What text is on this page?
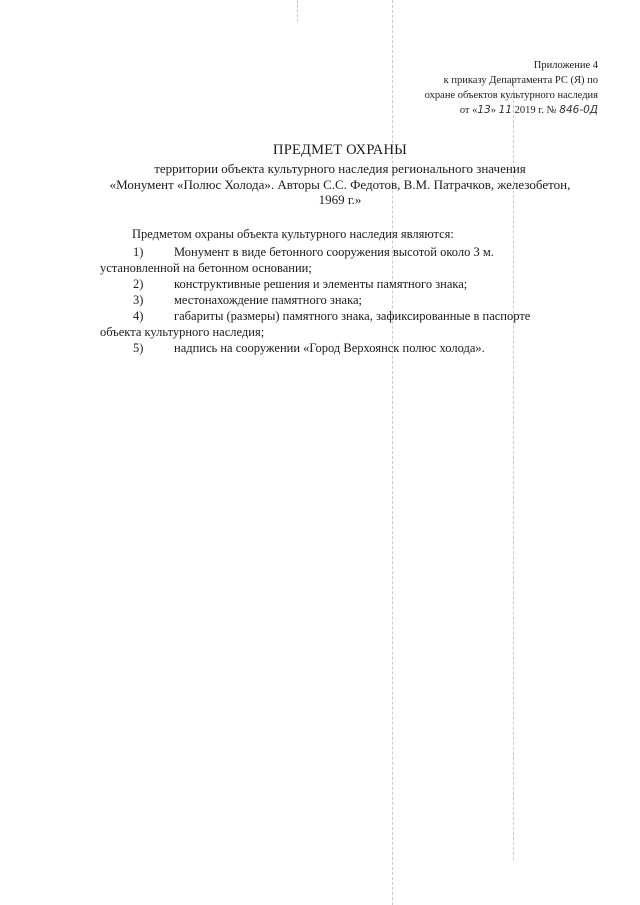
Приложение 4
к приказу Департамента РС (Я) по
охране объектов культурного наследия
от «13» 11 2019 г. № 846-0Д
ПРЕДМЕТ ОХРАНЫ
территории объекта культурного наследия регионального значения
«Монумент «Полюс Холода». Авторы С.С. Федотов, В.М. Патрачков, железобетон,
1969 г.»
Предметом охраны объекта культурного наследия являются:
1)	Монумент в виде бетонного сооружения высотой около 3 м.
установленной на бетонном основании;
2)	конструктивные решения и элементы памятного знака;
3)	местонахождение памятного знака;
4)	габариты (размеры) памятного знака, зафиксированные в паспорте
объекта культурного наследия;
5)	надпись на сооружении «Город Верхоянск полюс холода».
